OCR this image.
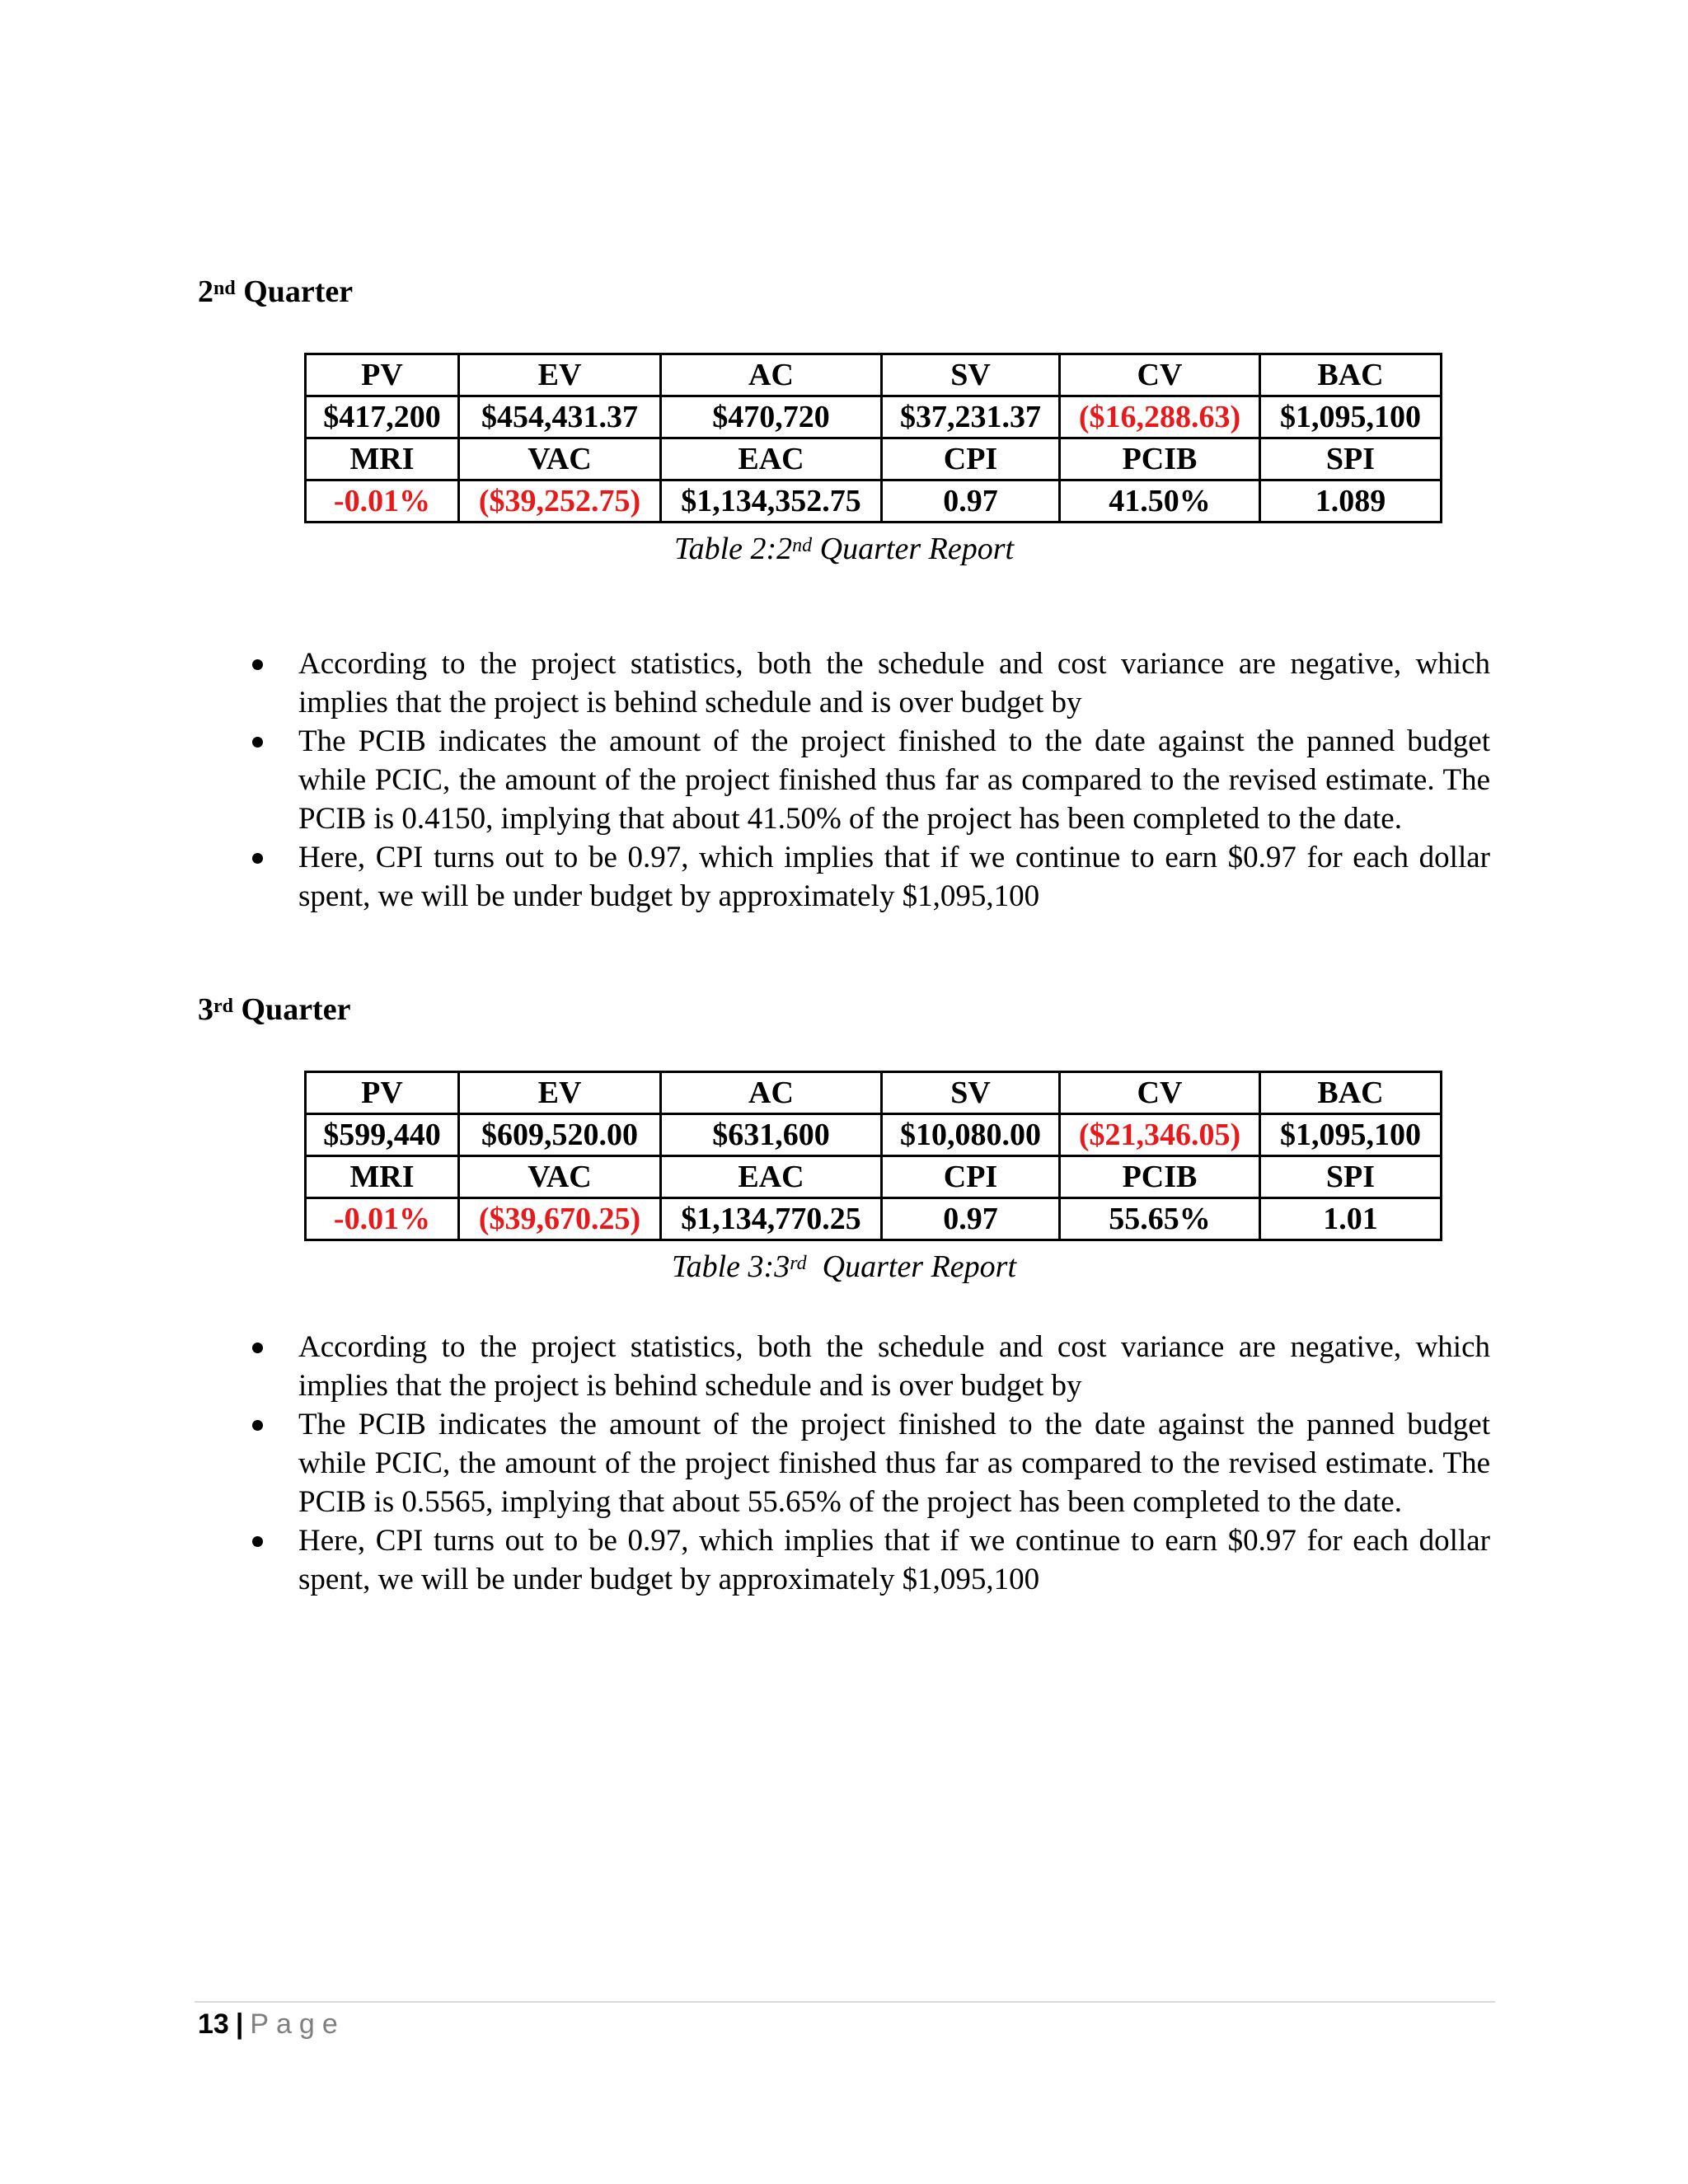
2nd Quarter
PV	EV	AC	SV	CV	BAC
$417,200	$454,431.37	$470,720	$37,231.37	($16,288.63)	$1,095,100
MRI	VAC	EAC	CPI	PCIB	SPI
-0.01%	($39,252.75)	$1,134,352.75	0.97	41.50%	1.089
Table 2:2nd Quarter Report
According to the project statistics, both the schedule and cost variance are negative, which implies that the project is behind schedule and is over budget by
The PCIB indicates the amount of the project finished to the date against the panned budget while PCIC, the amount of the project finished thus far as compared to the revised estimate. The PCIB is 0.4150, implying that about 41.50% of the project has been completed to the date.
Here, CPI turns out to be 0.97, which implies that if we continue to earn $0.97 for each dollar spent, we will be under budget by approximately $1,095,100
3rd Quarter
PV	EV	AC	SV	CV	BAC
$599,440	$609,520.00	$631,600	$10,080.00	($21,346.05)	$1,095,100
MRI	VAC	EAC	CPI	PCIB	SPI
-0.01%	($39,670.25)	$1,134,770.25	0.97	55.65%	1.01
Table 3:3rd  Quarter Report
According to the project statistics, both the schedule and cost variance are negative, which implies that the project is behind schedule and is over budget by
The PCIB indicates the amount of the project finished to the date against the panned budget while PCIC, the amount of the project finished thus far as compared to the revised estimate. The PCIB is 0.5565, implying that about 55.65% of the project has been completed to the date.
Here, CPI turns out to be 0.97, which implies that if we continue to earn $0.97 for each dollar spent, we will be under budget by approximately $1,095,100
13 | Page
